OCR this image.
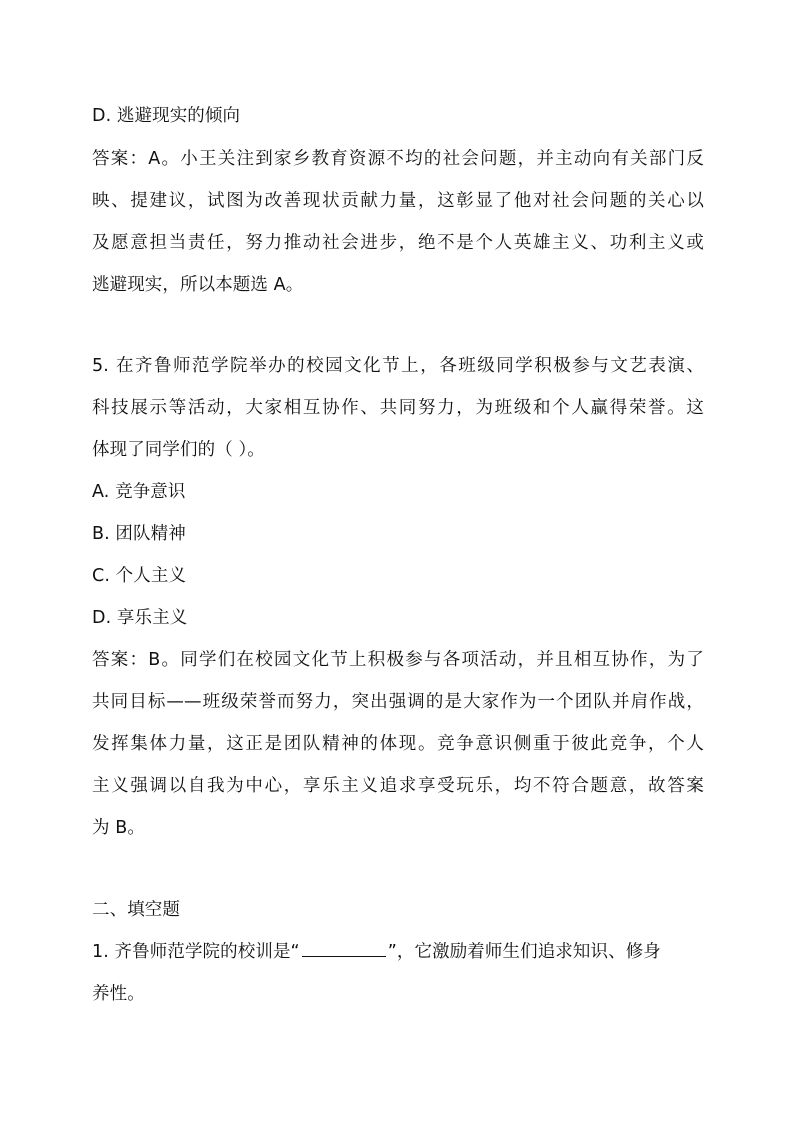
D. 逃避现实的倾向
答案：A。小王关注到家乡教育资源不均的社会问题，并主动向有关部门反
映、提建议，试图为改善现状贡献力量，这彰显了他对社会问题的关心以
及愿意担当责任，努力推动社会进步，绝不是个人英雄主义、功利主义或
逃避现实，所以本题选 A。
5. 在齐鲁师范学院举办的校园文化节上，各班级同学积极参与文艺表演、
科技展示等活动，大家相互协作、共同努力，为班级和个人赢得荣誉。这
体现了同学们的（ ）。
A. 竞争意识
B. 团队精神
C. 个人主义
D. 享乐主义
答案：B。同学们在校园文化节上积极参与各项活动，并且相互协作，为了
共同目标——班级荣誉而努力，突出强调的是大家作为一个团队并肩作战，
发挥集体力量，这正是团队精神的体现。竞争意识侧重于彼此竞争，个人
主义强调以自我为中心，享乐主义追求享受玩乐，均不符合题意，故答案
为 B。
二、填空题
1. 齐鲁师范学院的校训是“	”，它激励着师生们追求知识、修身
养性。
